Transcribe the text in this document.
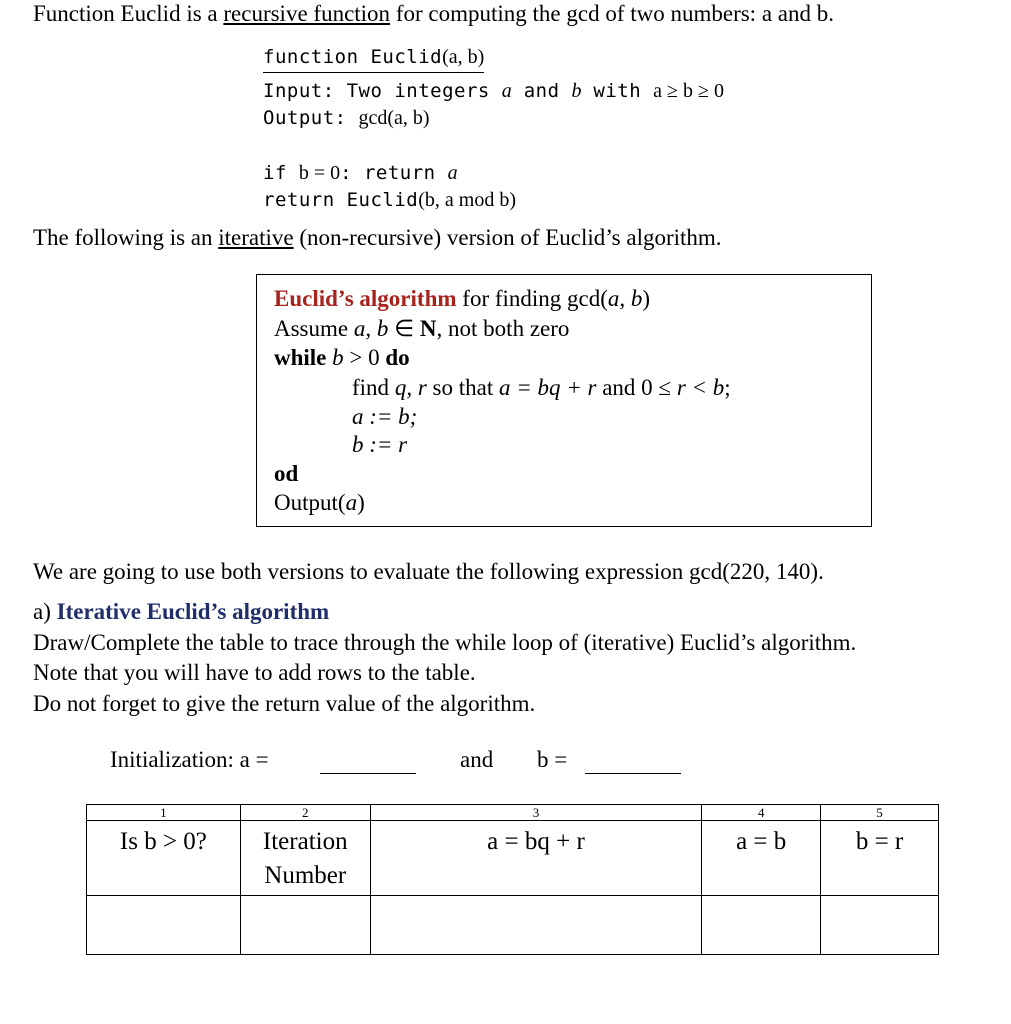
Function Euclid is a recursive function for computing the gcd of two numbers: a and b.
function Euclid(a, b)
Input: Two integers a and b with a ≥ b ≥ 0
Output: gcd(a, b)
if b = 0: return a
return Euclid(b, a mod b)
The following is an iterative (non-recursive) version of Euclid’s algorithm.
Euclid’s algorithm for finding gcd(a, b)
Assume a, b ∈ N, not both zero
while b > 0 do
find q, r so that a = bq + r and 0 ≤ r < b;
a := b;
b := r
od
Output(a)
We are going to use both versions to evaluate the following expression gcd(220, 140).
a) Iterative Euclid’s algorithm
Draw/Complete the table to trace through the while loop of (iterative) Euclid’s algorithm.
Note that you will have to add rows to the table.
Do not forget to give the return value of the algorithm.
Initialization: a =	and b =
1	2	3	4	5
Is b > 0?	Iteration Number	a = bq + r	a = b	b = r
